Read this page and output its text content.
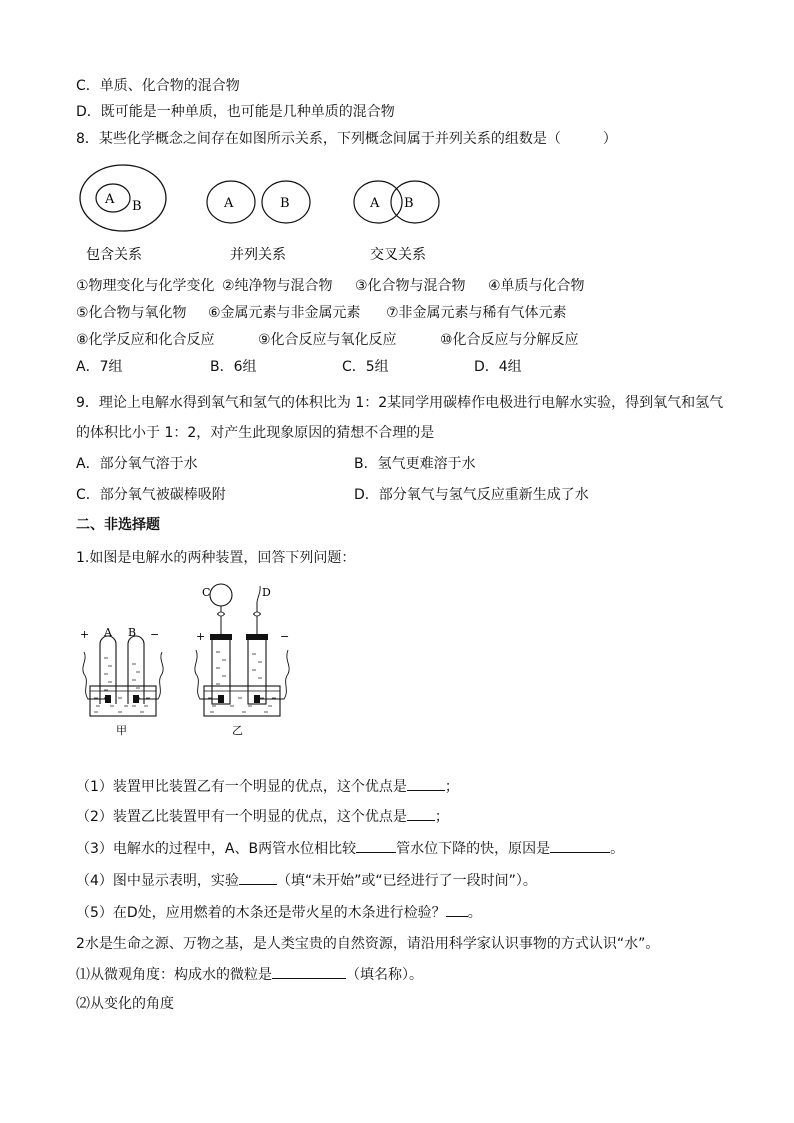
C．单质、化合物的混合物
D．既可能是一种单质，也可能是几种单质的混合物
8．某些化学概念之间存在如图所示关系，下列概念间属于并列关系的组数是（　　　）
A B	A	B	A B
包含关系	并列关系	交叉关系
①物理变化与化学变化 ②纯净物与混合物 ③化合物与混合物 ④单质与化合物
⑤化合物与氧化物 ⑥金属元素与非金属元素 ⑦非金属元素与稀有气体元素
⑧化学反应和化合反应	⑨化合反应与氧化反应	⑩化合反应与分解反应
A．7组	B．6组	C．5组	D．4组
9．理论上电解水得到氧气和氢气的体积比为 1：2某同学用碳棒作电极进行电解水实验，得到氧气和氢气
的体积比小于 1：2，对产生此现象原因的猜想不合理的是
A．部分氧气溶于水	B．氢气更难溶于水
C．部分氧气被碳棒吸附	D．部分氧气与氢气反应重新生成了水
二、非选择题
1.如图是电解水的两种装置，回答下列问题：
+ A B −
甲
+	−
C	D
乙
（1）装置甲比装置乙有一个明显的优点，这个优点是	；
（2）装置乙比装置甲有一个明显的优点，这个优点是 ；
（3）电解水的过程中，A、B两管水位相比较	管水位下降的快，原因是	。
（4）图中显示表明，实验	（填“未开始”或“已经进行了一段时间”）。
（5）在D处，应用燃着的木条还是带火星的木条进行检验？ 。
2水是生命之源、万物之基，是人类宝贵的自然资源，请沿用科学家认识事物的方式认识“水”。
⑴从微观角度：构成水的微粒是	（填名称）。
⑵从变化的角度
